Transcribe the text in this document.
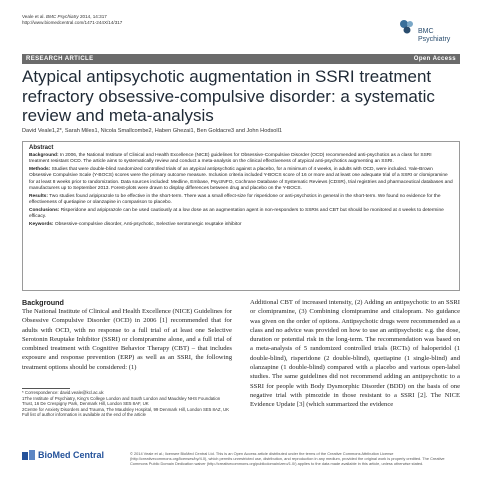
Veale et al. BMC Psychiatry 2014, 14:317
http://www.biomedcentral.com/1471-244X/14/317
BMC
Psychiatry
RESEARCH ARTICLE	Open Access
Atypical antipsychotic augmentation in SSRI treatment refractory obsessive-compulsive disorder: a systematic review and meta-analysis
David Veale1,2*, Sarah Miles1, Nicola Smallcombe2, Haben Ghezai1, Ben Goldacre3 and John Hodsoll1
Abstract

Background: In 2006, the National Institute of Clinical and Health Excellence (NICE) guidelines for Obsessive-Compulsive Disorder (OCD) recommended anti-psychotics as a class for SSRI treatment resistant OCD. The article aims to systematically review and conduct a meta-analysis on the clinical effectiveness of atypical anti-psychotics augmenting an SSRI.

Methods: Studies that were double-blind randomized controlled trials of an atypical antipsychotic against a placebo, for a minimum of 4 weeks, in adults with OCD, were included. Yale-Brown Obsessive Compulsive Scale (Y-BOCS) scores were the primary outcome measure. Inclusion criteria included Y-BOCS score of 16 or more and at least one adequate trial of a SSRI or clomipramine for at least 8 weeks prior to randomization. Data sources included: Medline, Embase, PsycINFO, Cochrane Database of Systematic Reviews (CDSR), trial registries and pharmaceutical databases and manufacturers up to September 2013. Forest-plots were drawn to display differences between drug and placebo on the Y-BOCS.

Results: Two studies found aripiprazole to be effective in the short-term. There was a small effect-size for risperidone or anti-psychotics in general in the short-term. We found no evidence for the effectiveness of quetiapine or olanzapine in comparison to placebo.

Conclusions: Risperidone and aripiprazole can be used cautiously at a low dose as an augmentation agent in non-responders to SSRIs and CBT but should be monitored at 4 weeks to determine efficacy.

Keywords: Obsessive-compulsive disorder, Anti-psychotic, Selective serotonergic reuptake inhibitor

Background
The National Institute of Clinical and Health Excellence (NICE) Guidelines for Obsessive Compulsive Disorder (OCD) in 2006 [1] recommended that for adults with OCD, with no response to a full trial of at least one Selective Serotonin Reuptake Inhibitor (SSRI) or clomipramine alone, and a full trial of combined treatment with Cognitive Behavior Therapy (CBT) – that includes exposure and response prevention (ERP) as well as an SSRI, the following treatment options should be considered: (1)
Additional CBT of increased intensity, (2) Adding an antipsychotic to an SSRI or clomipramine, (3) Combining clomipramine and citalopram. No guidance was given on the order of options. Antipsychotic drugs were recommended as a class and no advice was provided on how to use an antipsychotic e.g. the dose, duration or potential risk in the long-term. The recommendation was based on a meta-analysis of 5 randomized controlled trials (RCTs) of haloperidol (1 double-blind), risperidone (2 double-blind), quetiapine (1 single-blind) and olanzapine (1 double-blind) compared with a placebo and various open-label studies. The same guidelines did not recommend adding an antipsychotic to a SSRI for people with Body Dysmorphic Disorder (BDD) on the basis of one negative trial with pimozide in those resistant to a SSRI [2]. The NICE Evidence Update [3] (which summarized the evidence
* Correspondence: david.veale@kcl.ac.uk
1The Institute of Psychiatry, King's College London and South London and Maudsley NHS Foundation Trust, 16 De Crespigny Park, Denmark Hill, London SE5 8AF, UK
2Centre for Anxiety Disorders and Trauma, The Maudsley Hospital, 99 Denmark Hill, London SE5 8AZ, UK
Full list of author information is available at the end of the article
BioMed Central	© 2014 Veale et al.; licensee BioMed Central Ltd. This is an Open Access article distributed under the terms of the Creative Commons Attribution License (http://creativecommons.org/licenses/by/4.0), which permits unrestricted use, distribution, and reproduction in any medium, provided the original work is properly credited. The Creative Commons Public Domain Dedication waiver (http://creativecommons.org/publicdomain/zero/1.0/) applies to the data made available in this article, unless otherwise stated.
